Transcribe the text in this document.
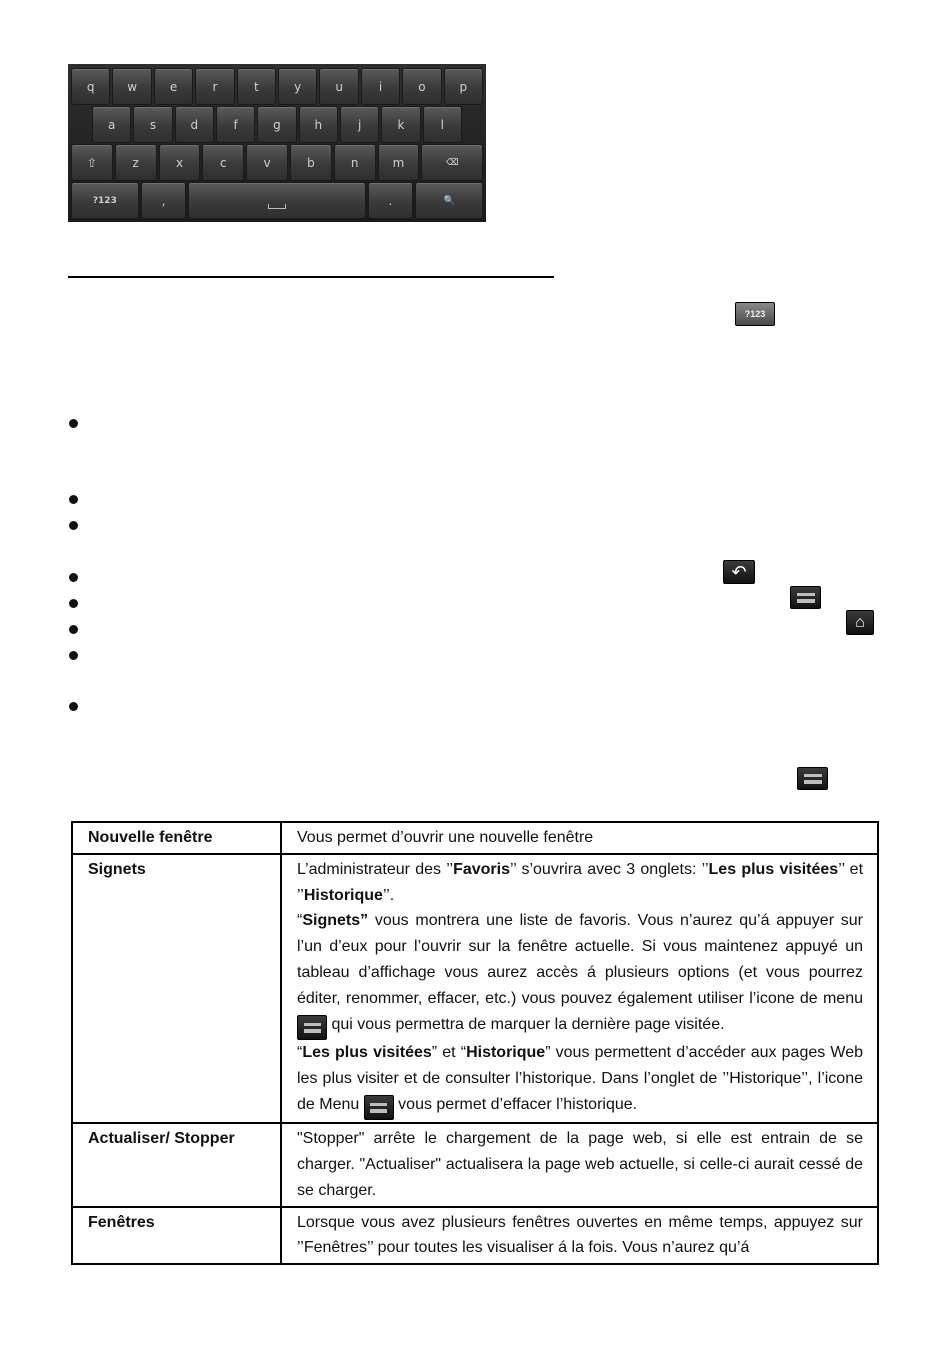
q	w	e	r	t	y	u	i	o	p
a	s	d	f	g	h	j	k	l
⇧	z	x	c	v	b	n	m	⌫
?123	,	.	🔍
?123
↶
⌂
Nouvelle fenêtre	Vous permet d’ouvrir une nouvelle fenêtre
Signets	L’administrateur des ’’Favoris’’ s’ouvrira avec 3 onglets: ’’Les plus visitées’’ et ’’Historique’’.

“Signets” vous montrera une liste de favoris. Vous n’aurez qu’á appuyer sur l’un d’eux pour l’ouvrir sur la fenêtre actuelle. Si vous maintenez appuyé un tableau d’affichage vous aurez accès á plusieurs options (et vous pourrez éditer, renommer, effacer, etc.) vous pouvez également utiliser l’icone de menu  qui vous permettra de marquer la dernière page visitée.

“Les plus visitées” et “Historique” vous permettent d’accéder aux pages Web les plus visiter et de consulter l’historique. Dans l’onglet de ’’Historique’’, l’icone de Menu  vous permet d’effacer l’historique.

Actualiser/ Stopper	"Stopper" arrête le chargement de la page web, si elle est entrain de se charger. "Actualiser" actualisera la page web actuelle, si celle-ci aurait cessé de se charger.
Fenêtres	Lorsque vous avez plusieurs fenêtres ouvertes en même temps, appuyez sur ’’Fenêtres’’ pour toutes les visualiser á la fois. Vous n’aurez qu’á
